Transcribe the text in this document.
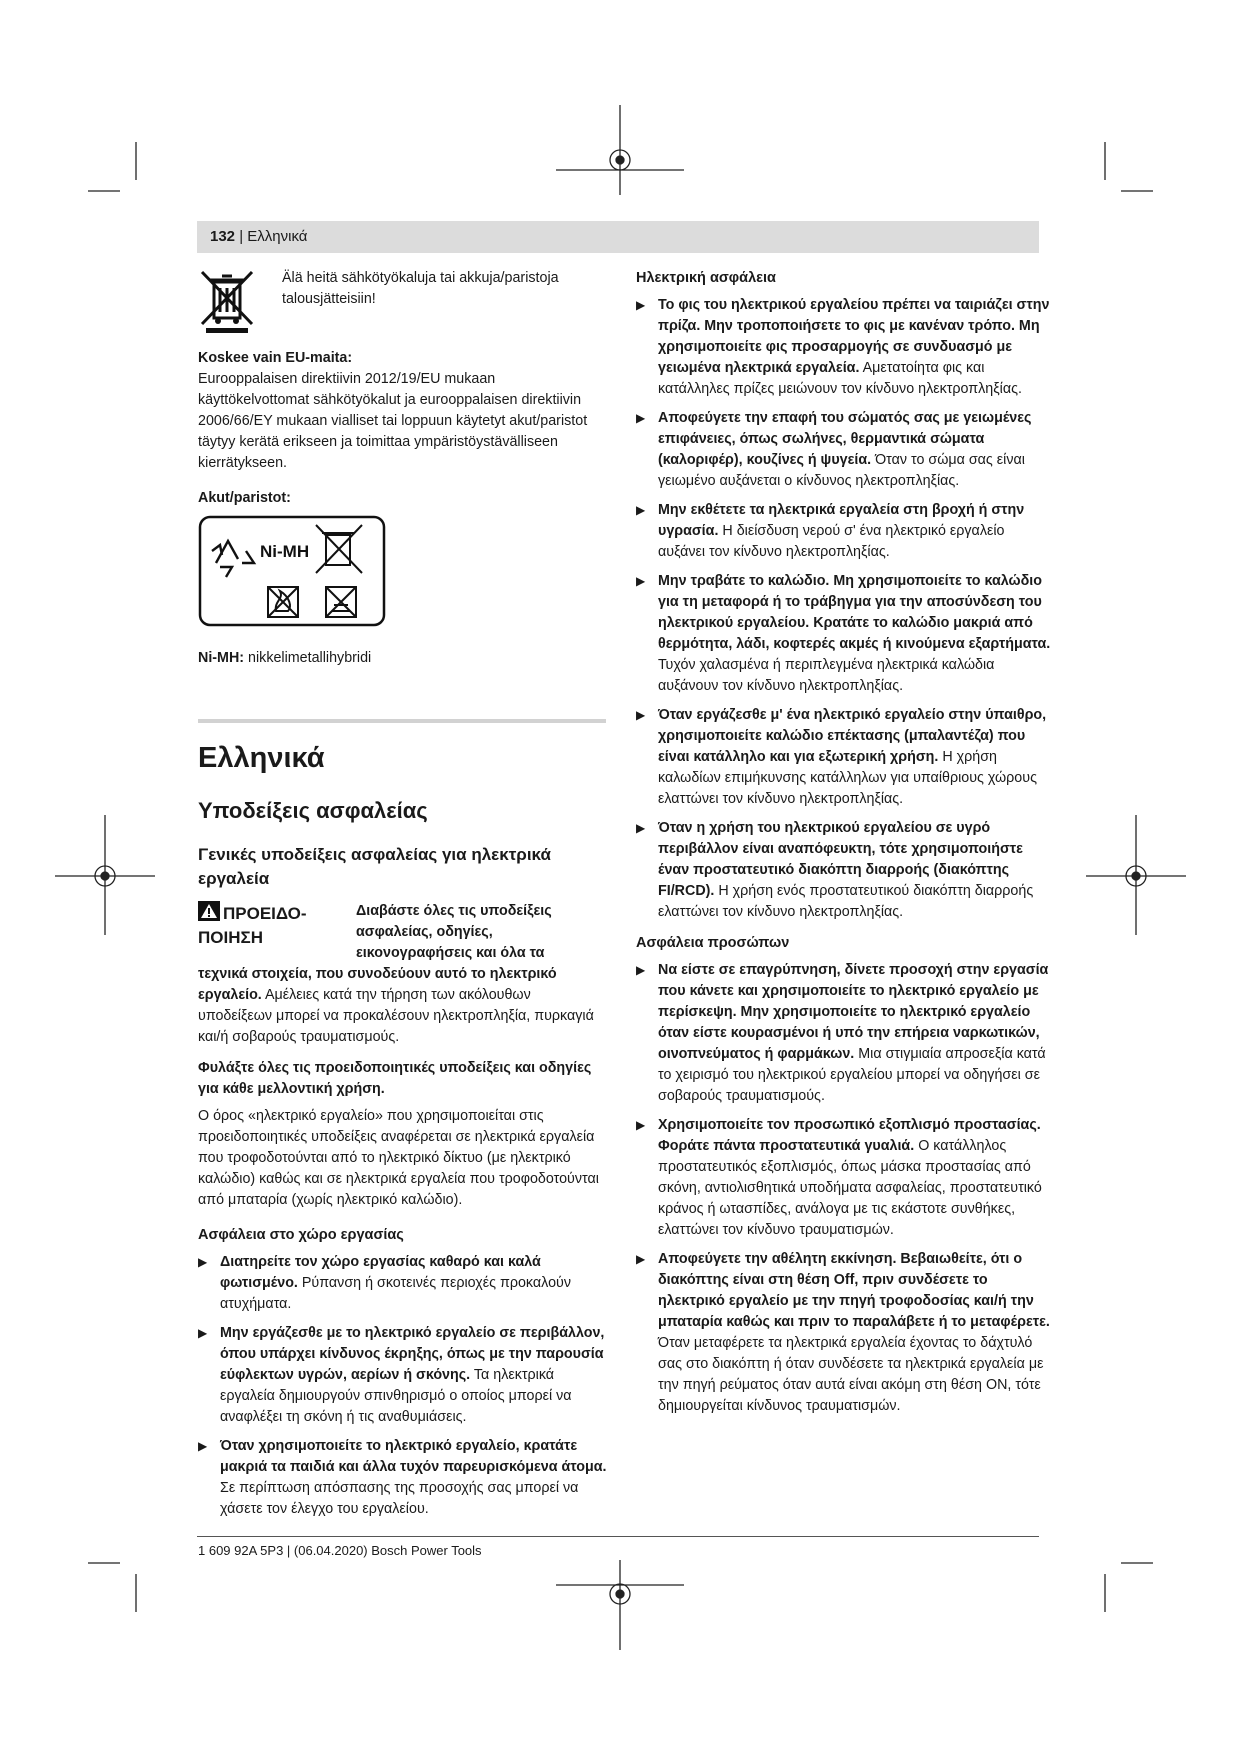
132 | Ελληνικά

Älä heitä sähkötyökaluja tai akkuja/paristoja talousjätteisiin!

Koskee vain EU-maita:

Eurooppalaisen direktiivin 2012/19/EU mukaan käyttökelvottomat sähkötyökalut ja eurooppalaisen direktiivin 2006/66/EY mukaan vialliset tai loppuun käytetyt akut/paristot täytyy kerätä erikseen ja toimittaa ympäristöystävälliseen kierrätykseen.

Akut/paristot:

Ni-MH

Ni-MH: nikkelimetallihybridi

Ελληνικά

Υποδείξεις ασφαλείας

Γενικές υποδείξεις ασφαλείας για ηλεκτρικά εργαλεία

ΠΡΟΕΙΔΟ-ΠΟΙΗΣΗ

Διαβάστε όλες τις υποδείξεις ασφαλείας, οδηγίες, εικονογραφήσεις και όλα τα

τεχνικά στοιχεία, που συνοδεύουν αυτό το ηλεκτρικό εργαλείο. Αμέλειες κατά την τήρηση των ακόλουθων υποδείξεων μπορεί να προκαλέσουν ηλεκτροπληξία, πυρκαγιά και/ή σοβαρούς τραυματισμούς.

Φυλάξτε όλες τις προειδοποιητικές υποδείξεις και οδηγίες για κάθε μελλοντική χρήση.

Ο όρος «ηλεκτρικό εργαλείο» που χρησιμοποιείται στις προειδοποιητικές υποδείξεις αναφέρεται σε ηλεκτρικά εργαλεία που τροφοδοτούνται από το ηλεκτρικό δίκτυο (με ηλεκτρικό καλώδιο) καθώς και σε ηλεκτρικά εργαλεία που τροφοδοτούνται από μπαταρία (χωρίς ηλεκτρικό καλώδιο).

Ασφάλεια στο χώρο εργασίας

▶ Διατηρείτε τον χώρο εργασίας καθαρό και καλά φωτισμένο. Ρύπανση ή σκοτεινές περιοχές προκαλούν ατυχήματα.
▶ Μην εργάζεσθε με το ηλεκτρικό εργαλείο σε περιβάλλον, όπου υπάρχει κίνδυνος έκρηξης, όπως με την παρουσία εύφλεκτων υγρών, αερίων ή σκόνης. Τα ηλεκτρικά εργαλεία δημιουργούν σπινθηρισμό ο οποίος μπορεί να αναφλέξει τη σκόνη ή τις αναθυμιάσεις.
▶ Όταν χρησιμοποιείτε το ηλεκτρικό εργαλείο, κρατάτε μακριά τα παιδιά και άλλα τυχόν παρευρισκόμενα άτομα. Σε περίπτωση απόσπασης της προσοχής σας μπορεί να χάσετε τον έλεγχο του εργαλείου.

Ηλεκτρική ασφάλεια

▶ Το φις του ηλεκτρικού εργαλείου πρέπει να ταιριάζει στην πρίζα. Μην τροποποιήσετε το φις με κανέναν τρόπο. Μη χρησιμοποιείτε φις προσαρμογής σε συνδυασμό με γειωμένα ηλεκτρικά εργαλεία. Αμετατοίητα φις και κατάλληλες πρίζες μειώνουν τον κίνδυνο ηλεκτροπληξίας.
▶ Αποφεύγετε την επαφή του σώματός σας με γειωμένες επιφάνειες, όπως σωλήνες, θερμαντικά σώματα (καλοριφέρ), κουζίνες ή ψυγεία. Όταν το σώμα σας είναι γειωμένο αυξάνεται ο κίνδυνος ηλεκτροπληξίας.
▶ Μην εκθέτετε τα ηλεκτρικά εργαλεία στη βροχή ή στην υγρασία. Η διείσδυση νερού σ' ένα ηλεκτρικό εργαλείο αυξάνει τον κίνδυνο ηλεκτροπληξίας.
▶ Μην τραβάτε το καλώδιο. Μη χρησιμοποιείτε το καλώδιο για τη μεταφορά ή το τράβηγμα για την αποσύνδεση του ηλεκτρικού εργαλείου. Κρατάτε το καλώδιο μακριά από θερμότητα, λάδι, κοφτερές ακμές ή κινούμενα εξαρτήματα. Τυχόν χαλασμένα ή περιπλεγμένα ηλεκτρικά καλώδια αυξάνουν τον κίνδυνο ηλεκτροπληξίας.
▶ Όταν εργάζεσθε μ' ένα ηλεκτρικό εργαλείο στην ύπαιθρο, χρησιμοποιείτε καλώδιο επέκτασης (μπαλαντέζα) που είναι κατάλληλο και για εξωτερική χρήση. Η χρήση καλωδίων επιμήκυνσης κατάλληλων για υπαίθριους χώρους ελαττώνει τον κίνδυνο ηλεκτροπληξίας.
▶ Όταν η χρήση του ηλεκτρικού εργαλείου σε υγρό περιβάλλον είναι αναπόφευκτη, τότε χρησιμοποιήστε έναν προστατευτικό διακόπτη διαρροής (διακόπτης FI/RCD). Η χρήση ενός προστατευτικού διακόπτη διαρροής ελαττώνει τον κίνδυνο ηλεκτροπληξίας.

Ασφάλεια προσώπων

▶ Να είστε σε επαγρύπνηση, δίνετε προσοχή στην εργασία που κάνετε και χρησιμοποιείτε το ηλεκτρικό εργαλείο με περίσκεψη. Μην χρησιμοποιείτε το ηλεκτρικό εργαλείο όταν είστε κουρασμένοι ή υπό την επήρεια ναρκωτικών, οινοπνεύματος ή φαρμάκων. Μια στιγμιαία απροσεξία κατά το χειρισμό του ηλεκτρικού εργαλείου μπορεί να οδηγήσει σε σοβαρούς τραυματισμούς.
▶ Χρησιμοποιείτε τον προσωπικό εξοπλισμό προστασίας. Φοράτε πάντα προστατευτικά γυαλιά. Ο κατάλληλος προστατευτικός εξοπλισμός, όπως μάσκα προστασίας από σκόνη, αντιολισθητικά υποδήματα ασφαλείας, προστατευτικό κράνος ή ωτασπίδες, ανάλογα με τις εκάστοτε συνθήκες, ελαττώνει τον κίνδυνο τραυματισμών.
▶ Αποφεύγετε την αθέλητη εκκίνηση. Βεβαιωθείτε, ότι ο διακόπτης είναι στη θέση Off, πριν συνδέσετε το ηλεκτρικό εργαλείο με την πηγή τροφοδοσίας και/ή την μπαταρία καθώς και πριν το παραλάβετε ή το μεταφέρετε. Όταν μεταφέρετε τα ηλεκτρικά εργαλεία έχοντας το δάχτυλό σας στο διακόπτη ή όταν συνδέσετε τα ηλεκτρικά εργαλεία με την πηγή ρεύματος όταν αυτά είναι ακόμη στη θέση ON, τότε δημιουργείται κίνδυνος τραυματισμών.
1 609 92A 5P3 | (06.04.2020) Bosch Power Tools
